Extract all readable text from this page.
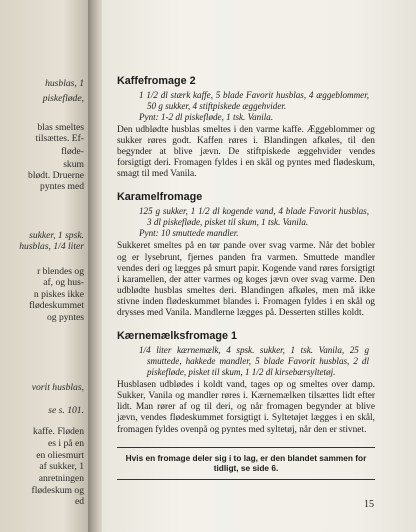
husblas, 1
piskefløde,
blas smeltes
tilsættes. Ef-
fløde-
skum
blødt. Druerne
pyntes med
sukker, 1 spsk.
husblas, 1/4 liter
r blendes og
af, og hus-
n piskes ikke
flødeskummet
og pyntes
vorit husblas,
se s. 101.
kaffe. Fløden
es i på en
en oliesmurt
af sukker, 1
anretningen
flødeskum og
ed
Kaffefromage 2
1 1/2 dl stærk kaffe, 5 blade Favorit husblas, 4 æggeblommer, 50 g sukker, 4 stiftpiskede æggehvider.
Pynt: 1-2 dl piskefløde, 1 tsk. Vanila.

Den udblødte husblas smeltes i den varme kaffe. Æggeblommer og sukker røres godt. Kaffen røres i. Blandingen afkøles, til den begynder at blive jævn. De stiftpiskede æggehvider vendes forsigtigt deri. Fromagen fyldes i en skål og pyntes med flødeskum, smagt til med Vanila.

Karamelfromage
125 g sukker, 1 1/2 dl kogende vand, 4 blade Favorit husblas, 3 dl piskefløde, pisket til skum, 1 tsk. Vanila.
Pynt: 10 smuttede mandler.

Sukkeret smeltes på en tør pande over svag varme. Når det bobler og er lysebrunt, fjernes panden fra varmen. Smuttede mandler vendes deri og lægges på smurt papir. Kogende vand røres forsigtigt i karamellen, der atter varmes og koges jævn over svag varme. Den udblødte husblas smeltes deri. Blandingen afkøles, men må ikke stivne inden flødeskummet blandes i. Fromagen fyldes i en skål og drysses med Vanila. Mandlerne lægges på. Desserten stilles koldt.

Kærnemælksfromage 1
1/4 liter kærnemælk, 4 spsk. sukker, 1 tsk. Vanila, 25 g smuttede, hakkede mandler, 5 blade Favorit husblas, 2 dl piskefløde, pisket til skum, 1 1/2 dl kirsebærsyltetøj.

Husblasen udblødes i koldt vand, tages op og smeltes over damp. Sukker, Vanila og mandler røres i. Kærnemælken tilsættes lidt efter lidt. Man rører af og til deri, og når fromagen begynder at blive jævn, vendes flødeskummet forsigtigt i. Syltetøjet lægges i en skål, fromagen fyldes ovenpå og pyntes med syltetøj, når den er stivnet.

Hvis en fromage deler sig i to lag, er den blandet sammen for tidligt, se side 6.
15
